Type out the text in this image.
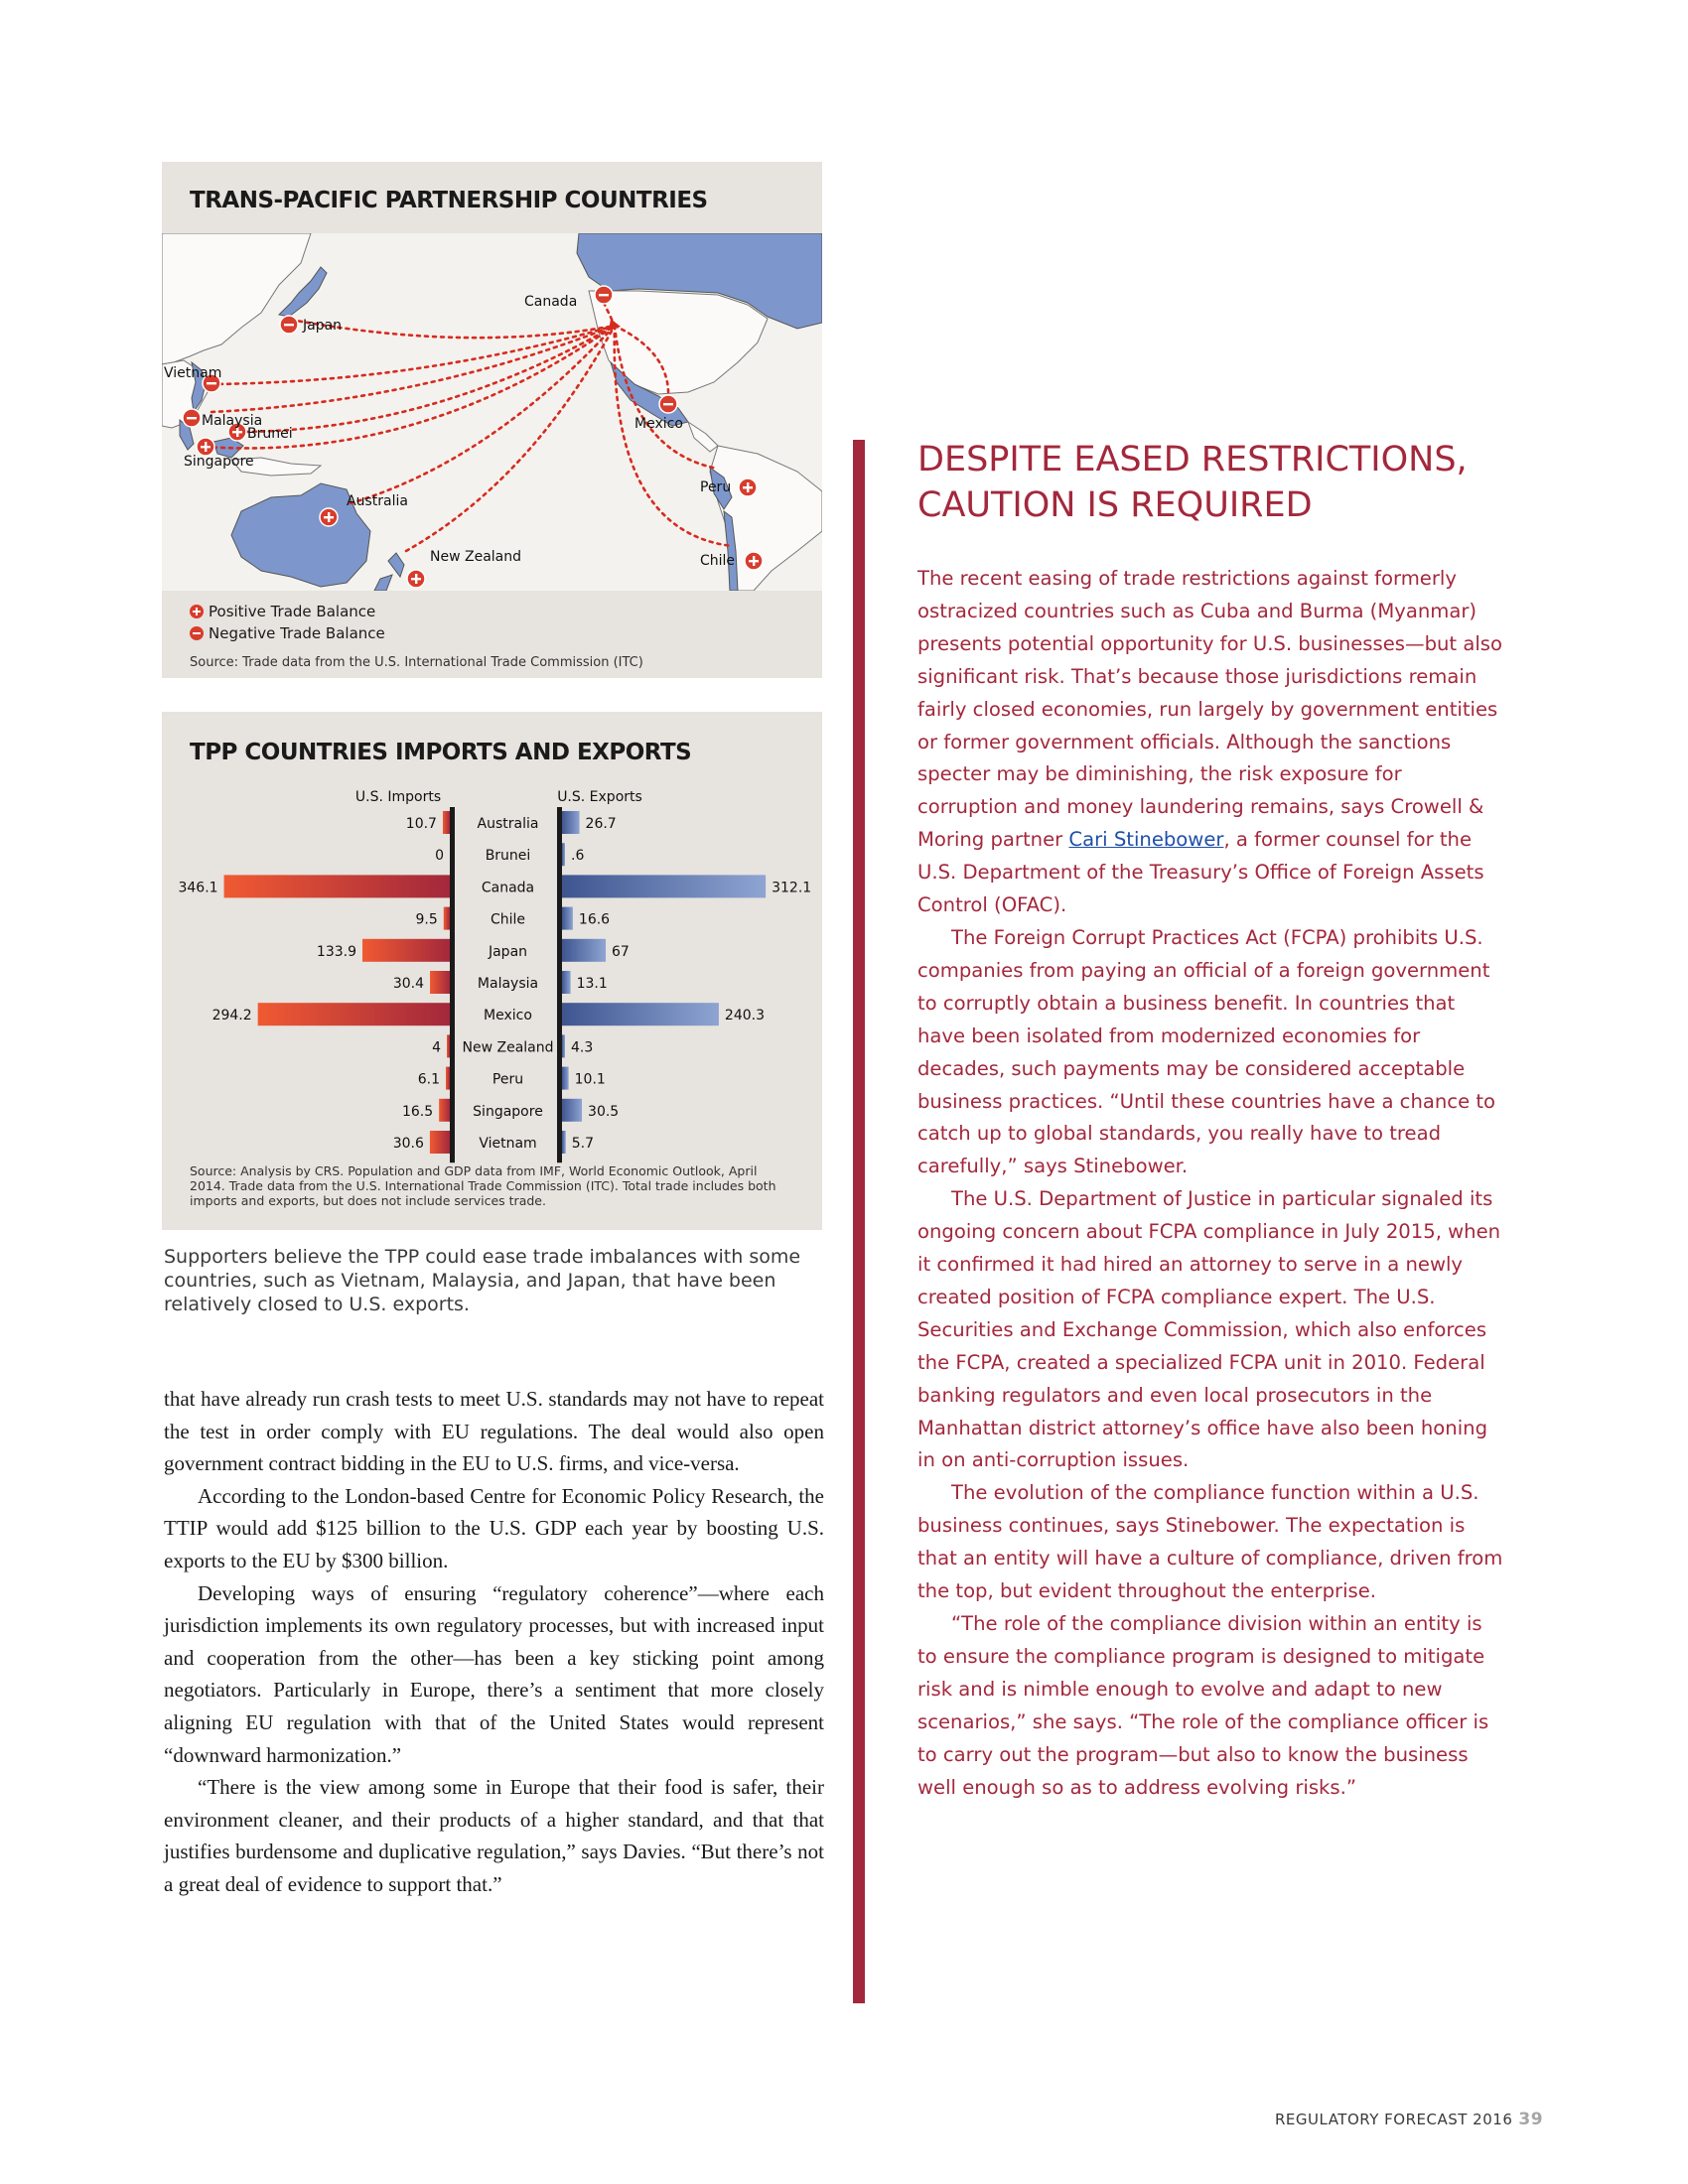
TRANS-PACIFIC PARTNERSHIP COUNTRIES
Canada
Japan
Vietnam
Malaysia
Brunei
Singapore
Australia
New Zealand
Mexico
Peru
Chile
Positive Trade Balance
Negative Trade Balance
Source: Trade data from the U.S. International Trade Commission (ITC)
TPP COUNTRIES IMPORTS AND EXPORTS
U.S. Imports	U.S. Exports
Australia
10.7	26.7
Brunei
0	.6
Canada
346.1	312.1
Chile
9.5	16.6
Japan
133.9	67
Malaysia
30.4	13.1
Mexico
294.2	240.3
New Zealand
4	4.3
Peru
6.1	10.1
Singapore
16.5	30.5
Vietnam
30.6	5.7
Source: Analysis by CRS. Population and GDP data from IMF, World Economic Outlook, April 2014. Trade data from the U.S. International Trade Commission (ITC). Total trade includes both imports and exports, but does not include services trade.
Supporters believe the TPP could ease trade imbalances with some countries, such as Vietnam, Malaysia, and Japan, that have been relatively closed to U.S. exports.

that have already run crash tests to meet U.S. standards may not have to repeat the test in order comply with EU regulations. The deal would also open government contract bidding in the EU to U.S. firms, and vice-versa.

According to the London-based Centre for Economic Policy Research, the TTIP would add $125 billion to the U.S. GDP each year by boosting U.S. exports to the EU by $300 billion.

Developing ways of ensuring “regulatory coherence”—where each jurisdiction implements its own regulatory processes, but with increased input and cooperation from the other—has been a key sticking point among negotiators. Particularly in Europe, there’s a sentiment that more closely aligning EU regulation with that of the United States would represent “downward harmonization.”

“There is the view among some in Europe that their food is safer, their environment cleaner, and their products of a higher standard, and that that justifies burdensome and duplicative regulation,” says Davies. “But there’s not a great deal of evidence to support that.”

DESPITE EASED RESTRICTIONS, CAUTION IS REQUIRED

The recent easing of trade restrictions against formerly ostracized countries such as Cuba and Burma (Myanmar) presents potential opportunity for U.S. businesses—but also significant risk. That’s because those jurisdictions remain fairly closed economies, run largely by government entities or former government officials. Although the sanctions specter may be diminishing, the risk exposure for corruption and money laundering remains, says Crowell & Moring partner Cari Stinebower, a former counsel for the U.S. Department of the Treasury’s Office of Foreign Assets Control (OFAC).

The Foreign Corrupt Practices Act (FCPA) prohibits U.S. companies from paying an official of a foreign government to corruptly obtain a business benefit. In countries that have been isolated from modernized economies for decades, such payments may be considered acceptable business practices. “Until these countries have a chance to catch up to global standards, you really have to tread carefully,” says Stinebower.

The U.S. Department of Justice in particular signaled its ongoing concern about FCPA compliance in July 2015, when it confirmed it had hired an attorney to serve in a newly created position of FCPA compliance expert. The U.S. Securities and Exchange Commission, which also enforces the FCPA, created a specialized FCPA unit in 2010. Federal banking regulators and even local prosecutors in the Manhattan district attorney’s office have also been honing in on anti-corruption issues.

The evolution of the compliance function within a U.S. business continues, says Stinebower. The expectation is that an entity will have a culture of compliance, driven from the top, but evident throughout the enterprise.

“The role of the compliance division within an entity is to ensure the compliance program is designed to mitigate risk and is nimble enough to evolve and adapt to new scenarios,” she says. “The role of the compliance officer is to carry out the program—but also to know the business well enough so as to address evolving risks.”

REGULATORY FORECAST 2016 39
